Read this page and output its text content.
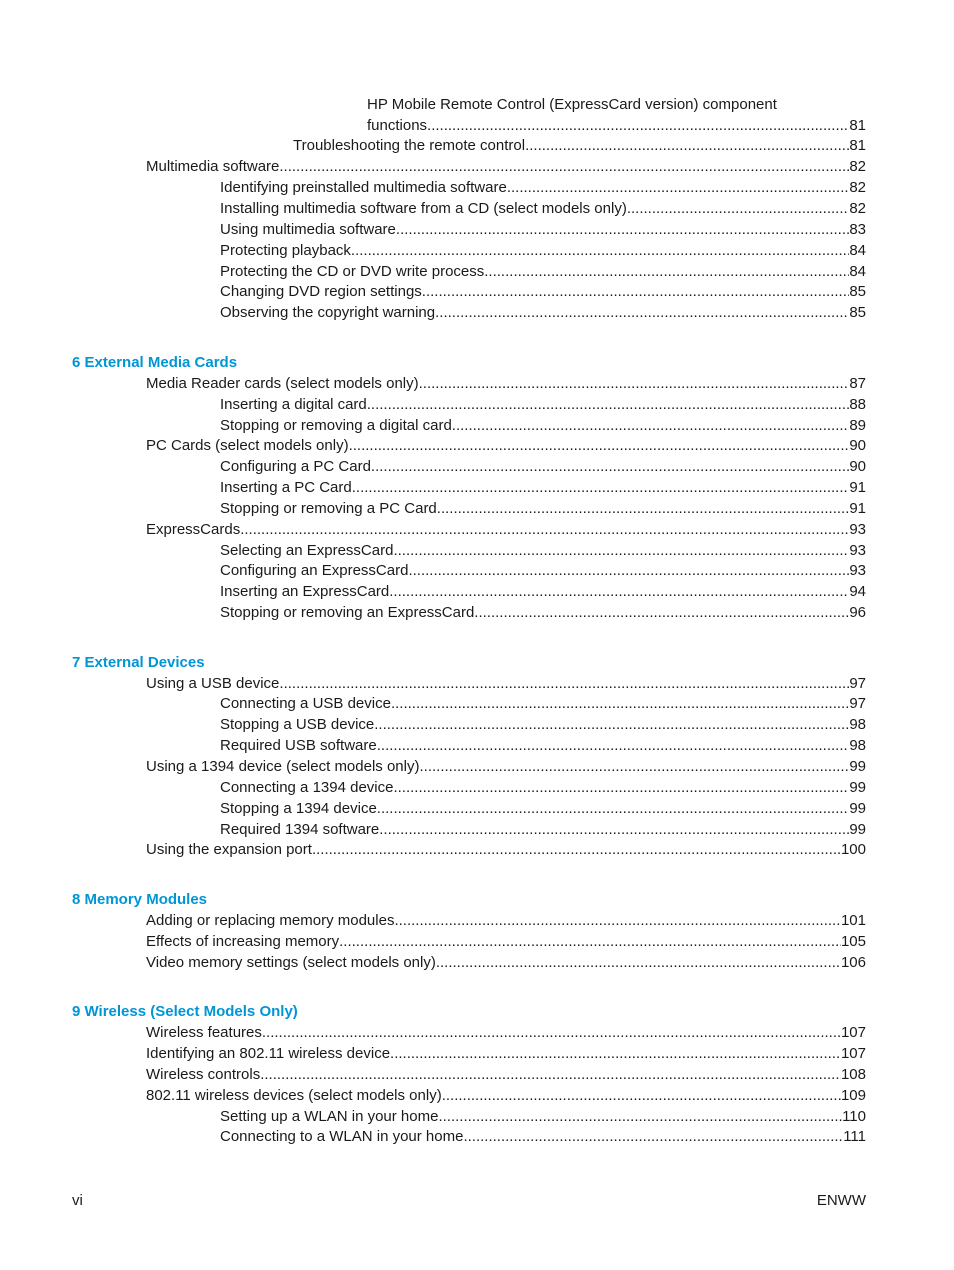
HP Mobile Remote Control (ExpressCard version) component
functions .....	81
Troubleshooting the remote control .....	81
Multimedia software .....	82
Identifying preinstalled multimedia software .....	82
Installing multimedia software from a CD (select models only) .....	82
Using multimedia software .....	83
Protecting playback .....	84
Protecting the CD or DVD write process .....	84
Changing DVD region settings .....	85
Observing the copyright warning .....	85
6 External Media Cards
Media Reader cards (select models only) .....	87
Inserting a digital card .....	88
Stopping or removing a digital card .....	89
PC Cards (select models only) .....	90
Configuring a PC Card .....	90
Inserting a PC Card .....	91
Stopping or removing a PC Card .....	91
ExpressCards .....	93
Selecting an ExpressCard .....	93
Configuring an ExpressCard .....	93
Inserting an ExpressCard .....	94
Stopping or removing an ExpressCard .....	96
7 External Devices
Using a USB device .....	97
Connecting a USB device .....	97
Stopping a USB device .....	98
Required USB software .....	98
Using a 1394 device (select models only) .....	99
Connecting a 1394 device .....	99
Stopping a 1394 device .....	99
Required 1394 software .....	99
Using the expansion port .....	100
8 Memory Modules
Adding or replacing memory modules .....	101
Effects of increasing memory .....	105
Video memory settings (select models only) .....	106
9 Wireless (Select Models Only)
Wireless features .....	107
Identifying an 802.11 wireless device .....	107
Wireless controls .....	108
802.11 wireless devices (select models only) .....	109
Setting up a WLAN in your home .....	110
Connecting to a WLAN in your home .....	111
vi	ENWW
